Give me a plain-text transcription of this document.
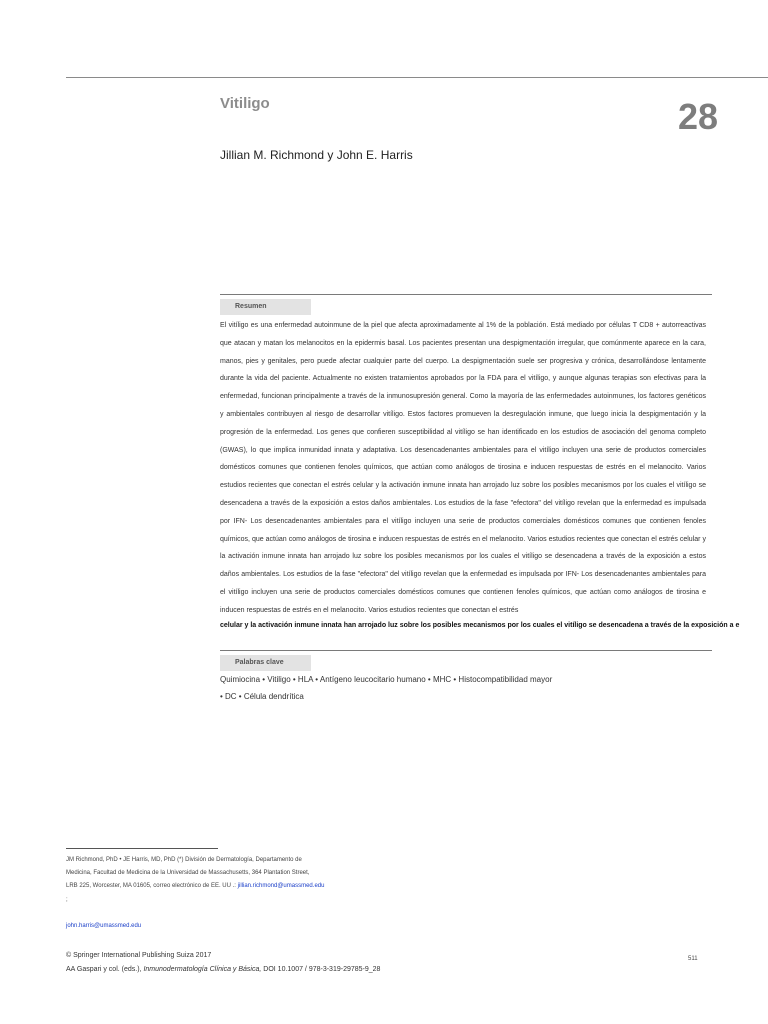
Vitiligo	28
Jillian M. Richmond y John E. Harris
Resumen

El vitíligo es una enfermedad autoinmune de la piel que afecta aproximadamente al 1% de la población. Está mediado por células T CD8 + autorreactivas que atacan y matan los melanocitos en la epidermis basal. Los pacientes presentan una despigmentación irregular, que comúnmente aparece en la cara, manos, pies y genitales, pero puede afectar cualquier parte del cuerpo. La despigmentación suele ser progresiva y crónica, desarrollándose lentamente durante la vida del paciente. Actualmente no existen tratamientos aprobados por la FDA para el vitíligo, y aunque algunas terapias son efectivas para la enfermedad, funcionan principalmente a través de la inmunosupresión general. Como la mayoría de las enfermedades autoinmunes, los factores genéticos y ambientales contribuyen al riesgo de desarrollar vitíligo. Estos factores promueven la desregulación inmune, que luego inicia la despigmentación y la progresión de la enfermedad. Los genes que confieren susceptibilidad al vitíligo se han identificado en los estudios de asociación del genoma completo (GWAS), lo que implica inmunidad innata y adaptativa. Los desencadenantes ambientales para el vitíligo incluyen una serie de productos comerciales domésticos comunes que contienen fenoles químicos, que actúan como análogos de tirosina e inducen respuestas de estrés en el melanocito. Varios estudios recientes que conectan el estrés celular y la activación inmune innata han arrojado luz sobre los posibles mecanismos por los cuales el vitíligo se desencadena a través de la exposición a estos daños ambientales. Los estudios de la fase "efectora" del vitíligo revelan que la enfermedad es impulsada por IFN- Los desencadenantes ambientales para el vitíligo incluyen una serie de productos comerciales domésticos comunes que contienen fenoles químicos, que actúan como análogos de tirosina e inducen respuestas de estrés en el melanocito. Varios estudios recientes que conectan el estrés celular y la activación inmune innata han arrojado luz sobre los posibles mecanismos por los cuales el vitíligo se desencadena a través de la exposición a estos daños ambientales. Los estudios de la fase "efectora" del vitíligo revelan que la enfermedad es impulsada por IFN- Los desencadenantes ambientales para el vitíligo incluyen una serie de productos comerciales domésticos comunes que contienen fenoles químicos, que actúan como análogos de tirosina e inducen respuestas de estrés en el melanocito. Varios estudios recientes que conectan el estrés

celular y la activación inmune innata han arrojado luz sobre los posibles mecanismos por los cuales el vitíligo se desencadena a través de la exposición a e
Palabras clave
Quimiocina • Vitiligo • HLA • Antígeno leucocitario humano • MHC • Histocompatibilidad mayor
• DC • Célula dendrítica
JM Richmond, PhD • JE Harris, MD, PhD (*) División de Dermatología, Departamento de
Medicina, Facultad de Medicina de la Universidad de Massachusetts, 364 Plantation Street,
LRB 225, Worcester, MA 01605, correo electrónico de EE. UU .: jillian.richmond@umassmed.edu
;
john.harris@umassmed.edu
© Springer International Publishing Suiza 2017
AA Gaspari y col. (eds.), Inmunodermatología Clínica y Básica, DOI 10.1007 / 978-3-319-29785-9_28
511
